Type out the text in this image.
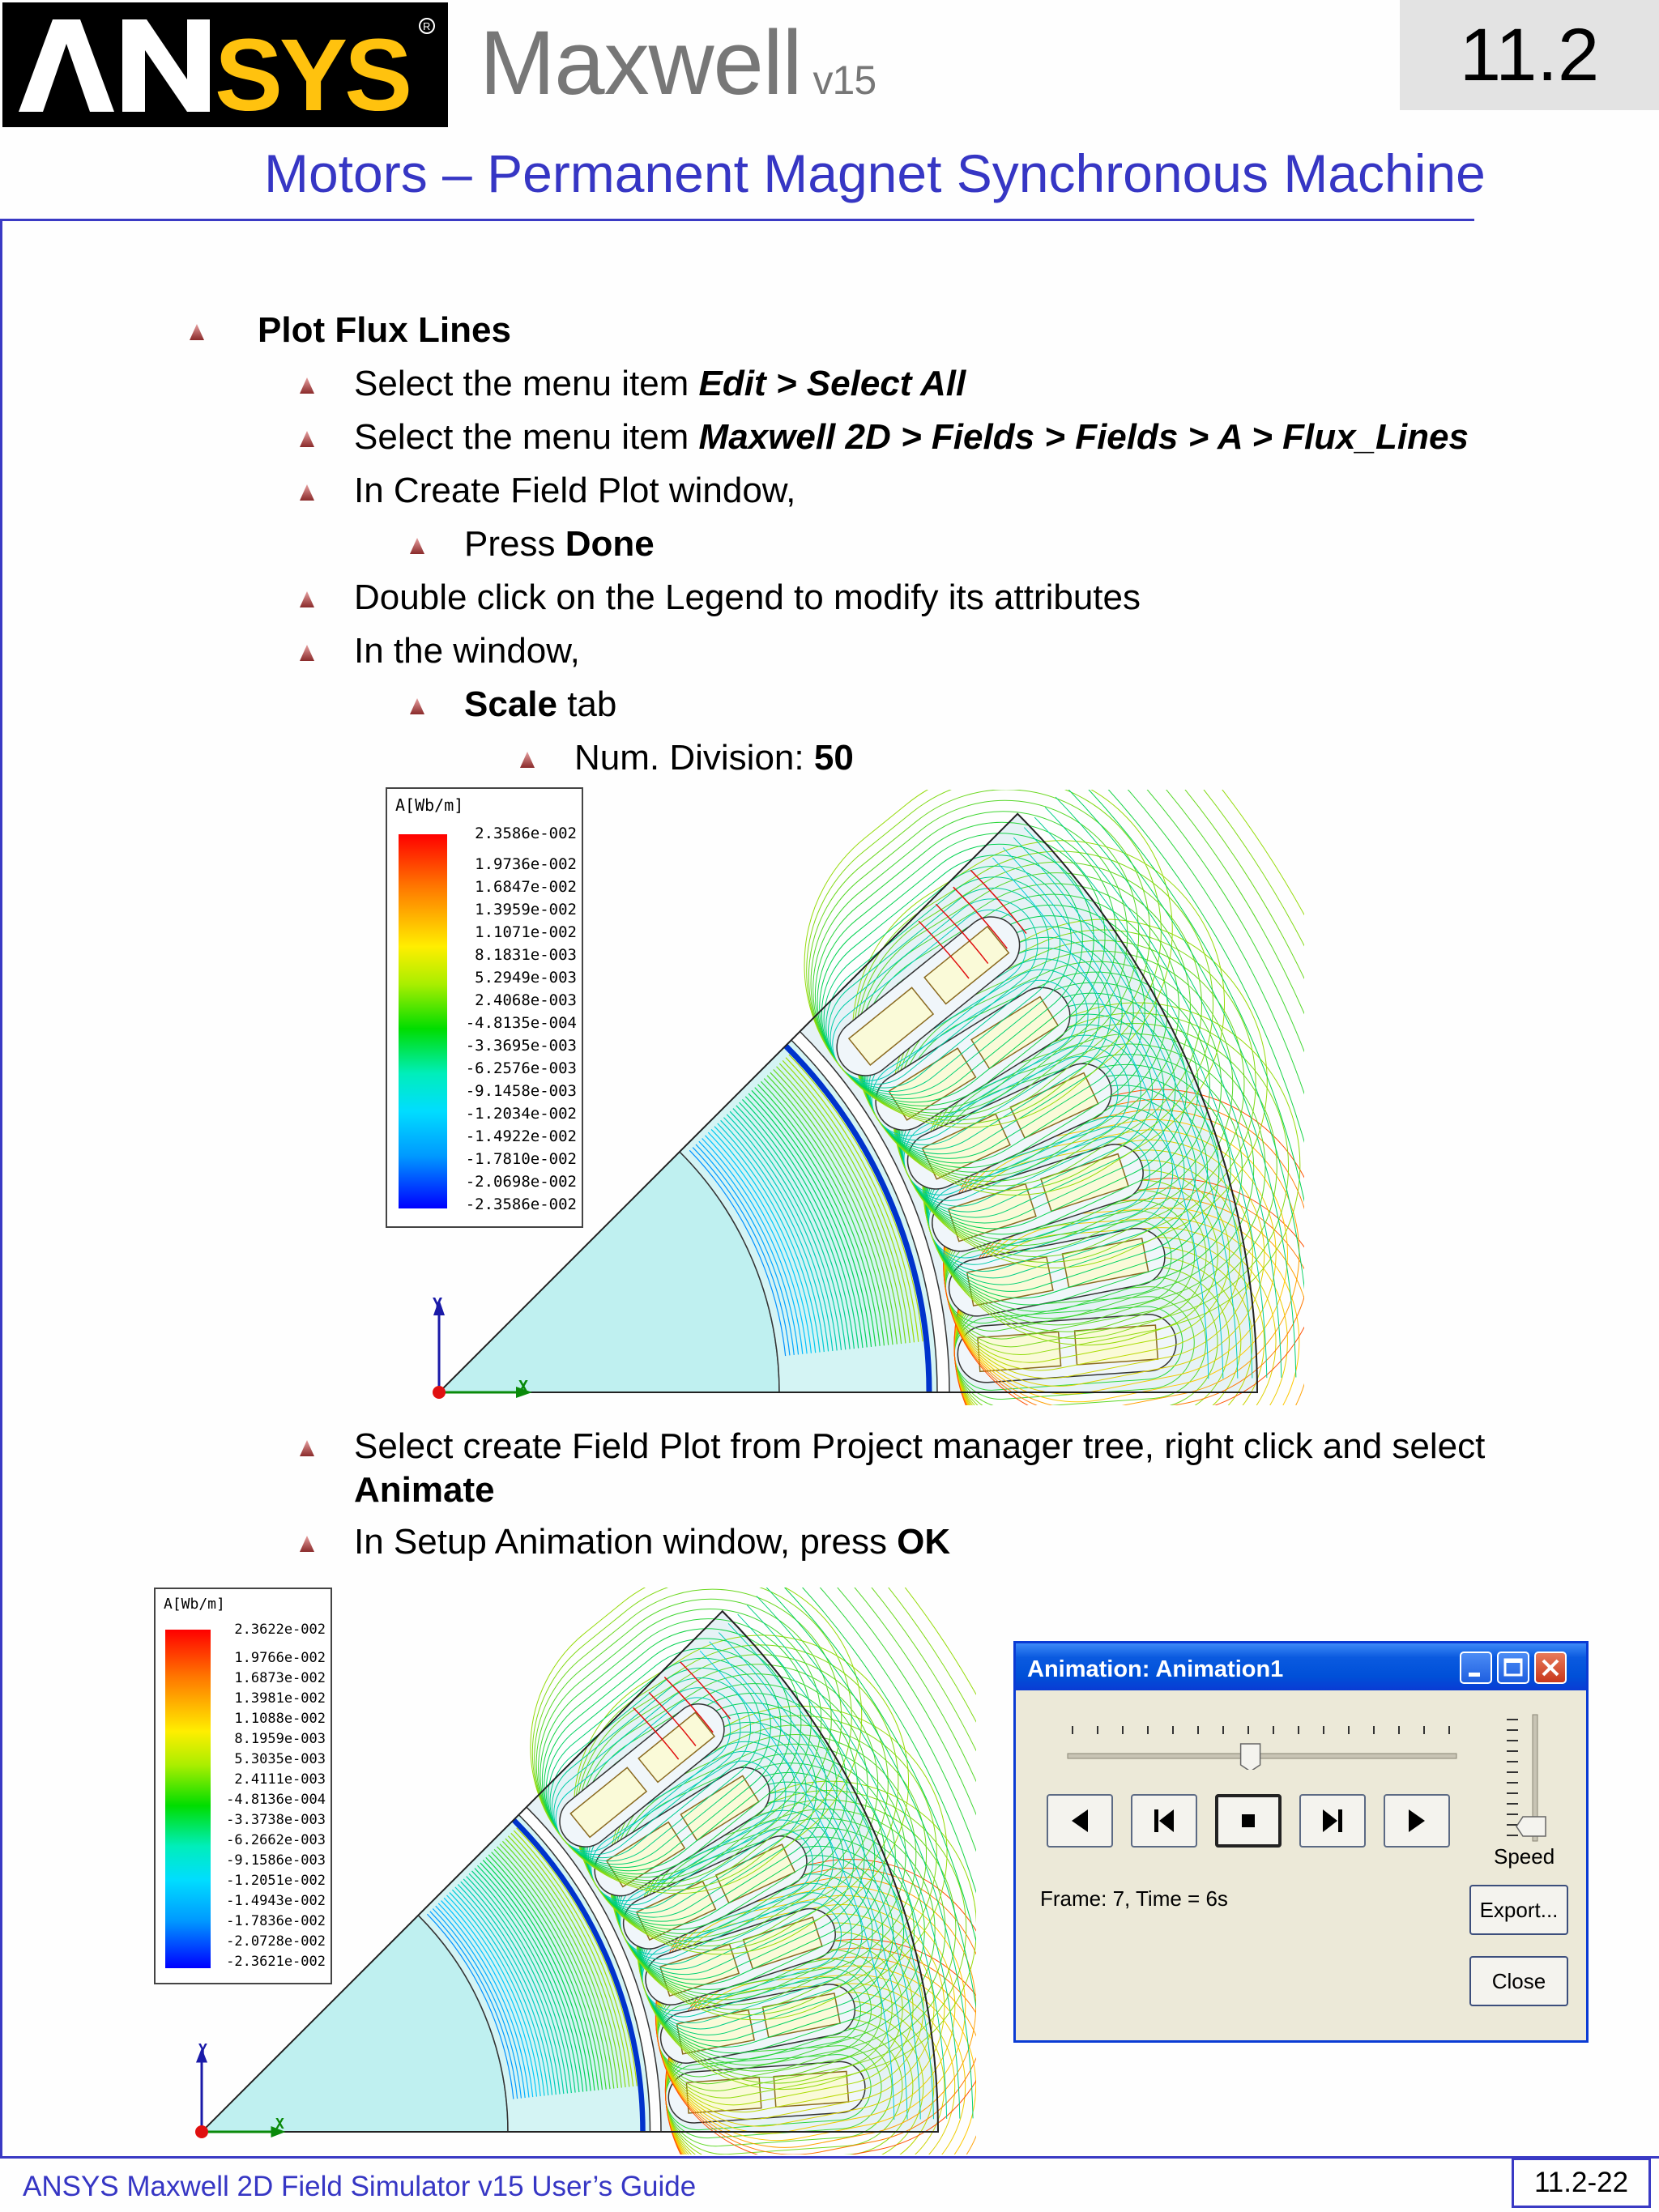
SYS R Maxwell v15	11.2
Motors – Permanent Magnet Synchronous Machine
Plot Flux Lines
Select the menu item Edit > Select All
Select the menu item Maxwell 2D > Fields > Fields > A > Flux_Lines
In Create Field Plot window,
Press Done
Double click on the Legend to modify its attributes
In the window,
Scale tab
Num. Division: 50
A[Wb/m]
2.3586e-002
1.9736e-002
1.6847e-002
1.3959e-002
1.1071e-002
8.1831e-003
5.2949e-003
2.4068e-003
-4.8135e-004
-3.3695e-003
-6.2576e-003
-9.1458e-003
-1.2034e-002
-1.4922e-002
-1.7810e-002
-2.0698e-002
-2.3586e-002
Y
X
Select create Field Plot from Project manager tree, right click and select
Animate
In Setup Animation window, press OK
A[Wb/m]
2.3622e-002
1.9766e-002
1.6873e-002
1.3981e-002
1.1088e-002
8.1959e-003
5.3035e-003
2.4111e-003
-4.8136e-004
-3.3738e-003
-6.2662e-003
-9.1586e-003
-1.2051e-002
-1.4943e-002
-1.7836e-002
-2.0728e-002
-2.3621e-002
Y
X
Animation: Animation1
Speed
Frame: 7, Time = 6s	Export...
Close
ANSYS Maxwell 2D Field Simulator v15 User’s Guide	11.2-22
